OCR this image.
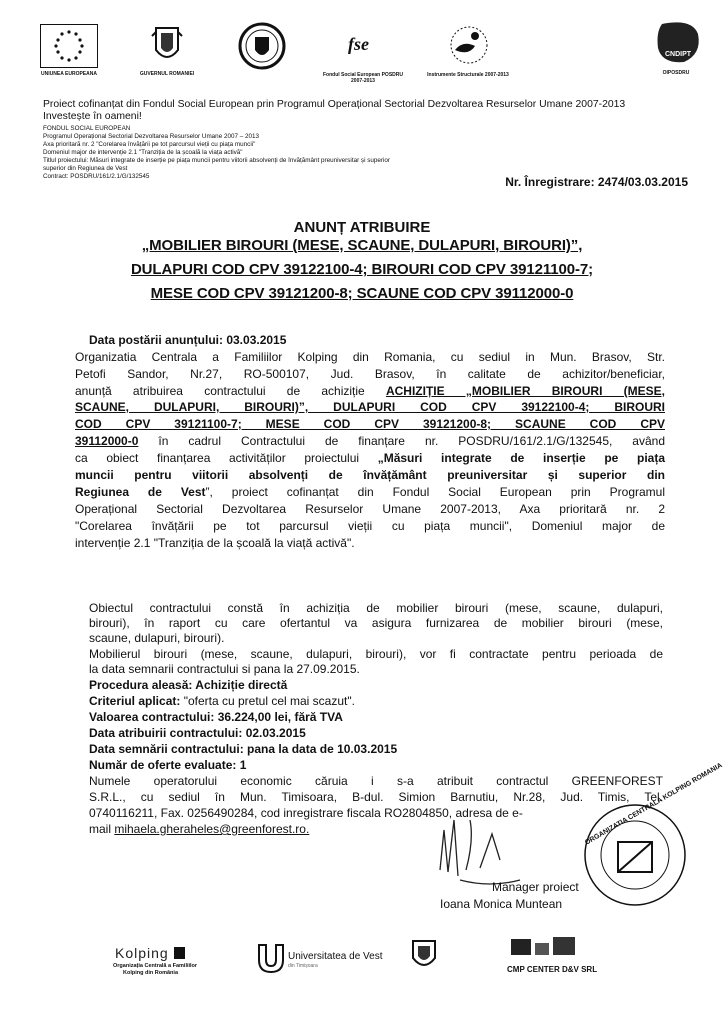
UNIUNEA EUROPEANA	GUVERNUL ROMANIEI
fse
Fondul Social European POSDRU 2007-2013
Instrumente Structurale 2007-2013
CNDIPT
OIPOSDRU
Proiect cofinanțat din Fondul Social European prin Programul Operațional Sectorial Dezvoltarea Resurselor Umane 2007-2013
Investește în oameni!
FONDUL SOCIAL EUROPEAN
Programul Operațional Sectorial Dezvoltarea Resurselor Umane 2007 – 2013
Axa prioritară nr. 2 "Corelarea învățării pe tot parcursul vieții cu piața muncii"
Domeniul major de intervenție 2.1 "Tranziția de la școală la viața activă"
Titlul proiectului: Măsuri integrate de inserție pe piața muncii pentru viitorii absolvenți de învățământ preuniversitar și superior
superior din Regiunea de Vest
Contract: POSDRU/161/2.1/G/132545	Nr. Înregistrare: 2474/03.03.2015
ANUNȚ ATRIBUIRE
„MOBILIER BIROURI (MESE, SCAUNE, DULAPURI, BIROURI)”,
DULAPURI COD CPV 39122100-4; BIROURI COD CPV 39121100-7;
MESE COD CPV 39121200-8; SCAUNE COD CPV 39112000-0
Data postării anunțului: 03.03.2015
Organizatia Centrala a Familiilor Kolping din Romania, cu sediul in Mun. Brasov, Str.
Petofi Sandor, Nr.27, RO-500107, Jud. Brasov, în calitate de achizitor/beneficiar,
anunță atribuirea contractului de achiziție ACHIZIȚIE „MOBILIER BIROURI (MESE,
SCAUNE, DULAPURI, BIROURI)”, DULAPURI COD CPV 39122100-4; BIROURI
COD CPV 39121100-7; MESE COD CPV 39121200-8; SCAUNE COD CPV
39112000-0 în cadrul Contractului de finanțare nr. POSDRU/161/2.1/G/132545, având
ca obiect finanțarea activităților proiectului „Măsuri integrate de inserție pe piața
muncii pentru viitorii absolvenți de învățământ preuniversitar și superior din
Regiunea de Vest”, proiect cofinanțat din Fondul Social European prin Programul
Operațional Sectorial Dezvoltarea Resurselor Umane 2007-2013, Axa prioritară nr. 2
"Corelarea învățării pe tot parcursul vieții cu piața muncii", Domeniul major de
intervenție 2.1 "Tranziția de la școală la viață activă".
Obiectul contractului constă în achiziția de mobilier birouri (mese, scaune, dulapuri,
birouri), în raport cu care ofertantul va asigura furnizarea de mobilier birouri (mese,
scaune, dulapuri, birouri).
Mobilierul birouri (mese, scaune, dulapuri, birouri), vor fi contractate pentru perioada de
la data semnarii contractului si pana la 27.09.2015.
Procedura aleasă: Achiziție directă
Criteriul aplicat: "oferta cu pretul cel mai scazut".
Valoarea contractului: 36.224,00 lei, fără TVA
Data atribuirii contractului: 02.03.2015
Data semnării contractului: pana la data de 10.03.2015
Număr de oferte evaluate: 1
Numele operatorului economic căruia i s-a atribuit contractul GREENFOREST
S.R.L., cu sediul în Mun. Timisoara, B-dul. Simion Barnutiu, Nr.28, Jud. Timis, Tel.
0740116211, Fax. 0256490284, cod inregistrare fiscala RO2804850, adresa de e-
mail mihaela.gheraheles@greenforest.ro.	ORGANIZATIA CENTRALA KOLPING ROMANIA
Manager proiect
Ioana Monica Muntean
Kolping
Organizația Centrală a Familiilor
Kolping din România
Universitatea de Vest
din Timișoara	CMP CENTER D&V SRL
